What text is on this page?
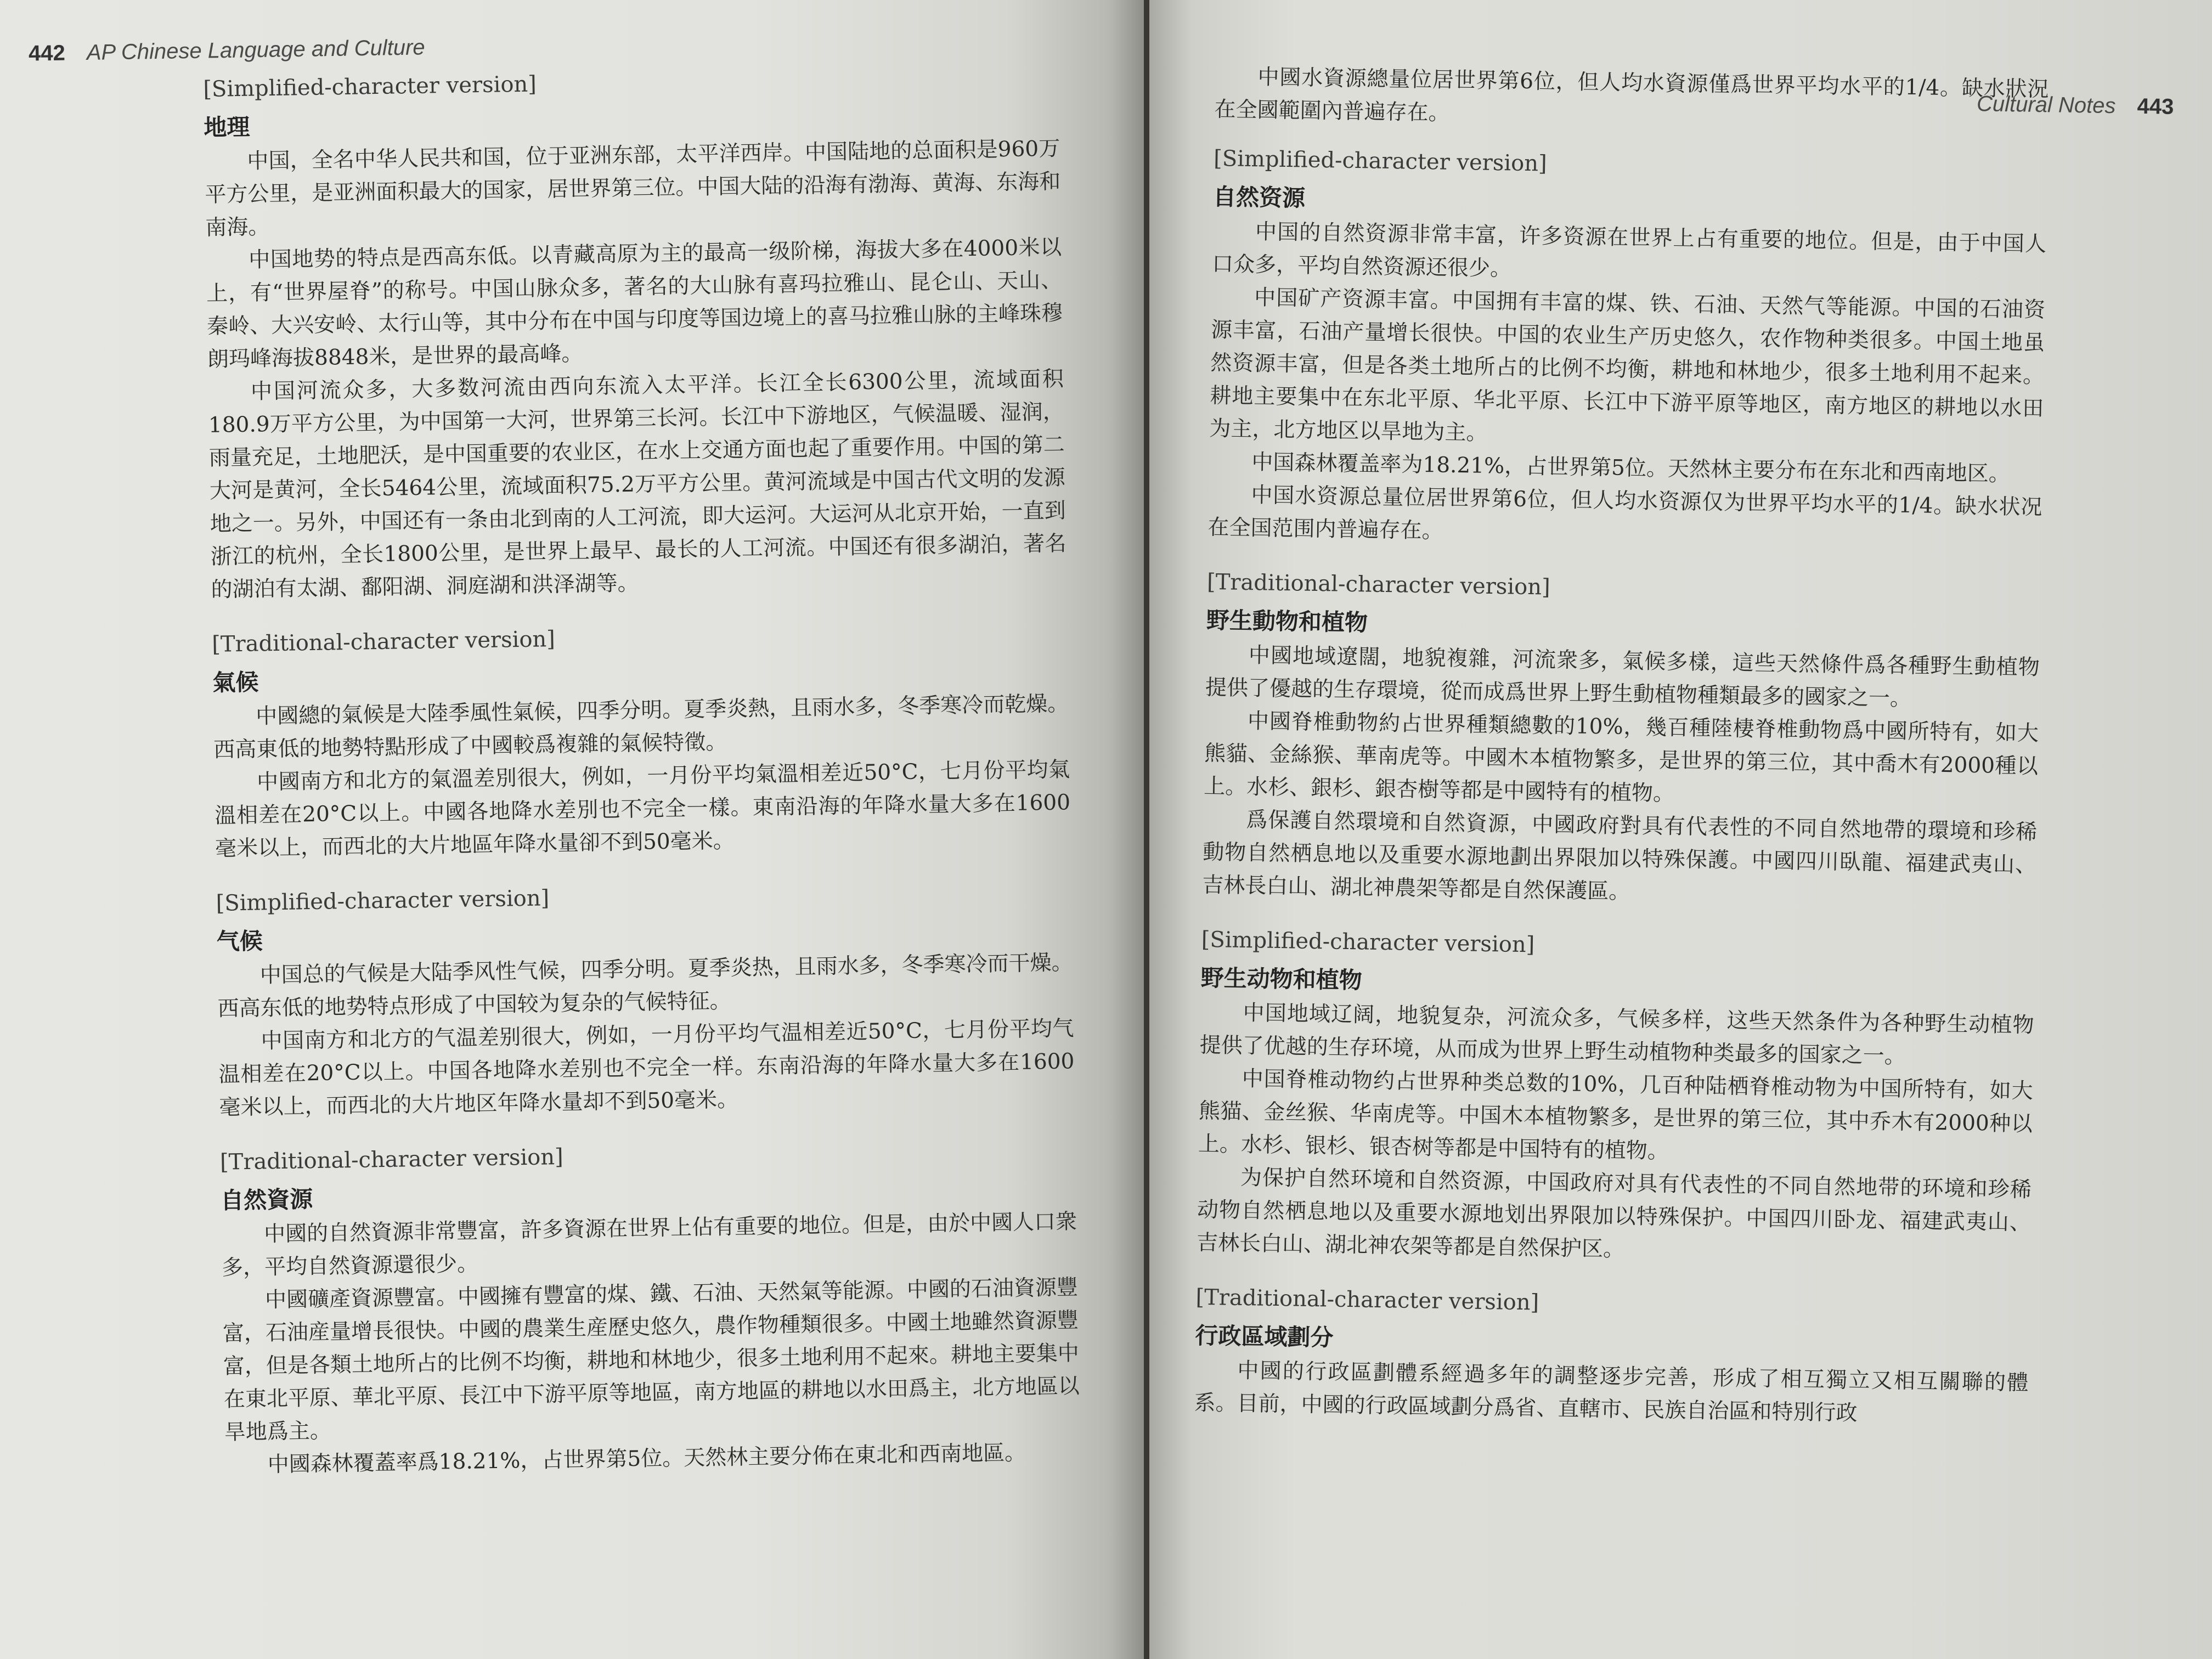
442 AP Chinese Language and Culture
[Simplified-character version]
地理

中国，全名中华人民共和国，位于亚洲东部，太平洋西岸。中国陆地的总面积是960万平方公里，是亚洲面积最大的国家，居世界第三位。中国大陆的沿海有渤海、黄海、东海和南海。

中国地势的特点是西高东低。以青藏高原为主的最高一级阶梯，海拔大多在4000米以上，有“世界屋脊”的称号。中国山脉众多，著名的大山脉有喜玛拉雅山、昆仑山、天山、秦岭、大兴安岭、太行山等，其中分布在中国与印度等国边境上的喜马拉雅山脉的主峰珠穆朗玛峰海拔8848米，是世界的最高峰。

中国河流众多，大多数河流由西向东流入太平洋。长江全长6300公里，流域面积180.9万平方公里，为中国第一大河，世界第三长河。长江中下游地区，气候温暖、湿润，雨量充足，土地肥沃，是中国重要的农业区，在水上交通方面也起了重要作用。中国的第二大河是黄河，全长5464公里，流域面积75.2万平方公里。黄河流域是中国古代文明的发源地之一。另外，中国还有一条由北到南的人工河流，即大运河。大运河从北京开始，一直到浙江的杭州，全长1800公里，是世界上最早、最长的人工河流。中国还有很多湖泊，著名的湖泊有太湖、鄱阳湖、洞庭湖和洪泽湖等。

[Traditional-character version]
氣候

中國總的氣候是大陸季風性氣候，四季分明。夏季炎熱，且雨水多，冬季寒冷而乾燥。西高東低的地勢特點形成了中國較爲複雜的氣候特徵。

中國南方和北方的氣溫差別很大，例如，一月份平均氣溫相差近50°C，七月份平均氣溫相差在20°C以上。中國各地降水差別也不完全一樣。東南沿海的年降水量大多在1600毫米以上，而西北的大片地區年降水量卻不到50毫米。

[Simplified-character version]
气候

中国总的气候是大陆季风性气候，四季分明。夏季炎热，且雨水多，冬季寒冷而干燥。西高东低的地势特点形成了中国较为复杂的气候特征。

中国南方和北方的气温差别很大，例如，一月份平均气温相差近50°C，七月份平均气温相差在20°C以上。中国各地降水差别也不完全一样。东南沿海的年降水量大多在1600毫米以上，而西北的大片地区年降水量却不到50毫米。

[Traditional-character version]
自然資源

中國的自然資源非常豐富，許多資源在世界上佔有重要的地位。但是，由於中國人口衆多，平均自然資源還很少。

中國礦產資源豐富。中國擁有豐富的煤、鐵、石油、天然氣等能源。中國的石油資源豐富，石油産量增長很快。中國的農業生産歷史悠久，農作物種類很多。中國土地雖然資源豐富，但是各類土地所占的比例不均衡，耕地和林地少，很多土地利用不起來。耕地主要集中在東北平原、華北平原、長江中下游平原等地區，南方地區的耕地以水田爲主，北方地區以旱地爲主。

中國森林覆蓋率爲18.21%，占世界第5位。天然林主要分佈在東北和西南地區。

Cultural Notes 443

中國水資源總量位居世界第6位，但人均水資源僅爲世界平均水平的1/4。缺水狀況在全國範圍內普遍存在。

[Simplified-character version]
自然资源

中国的自然资源非常丰富，许多资源在世界上占有重要的地位。但是，由于中国人口众多，平均自然资源还很少。

中国矿产资源丰富。中国拥有丰富的煤、铁、石油、天然气等能源。中国的石油资源丰富，石油产量增长很快。中国的农业生产历史悠久，农作物种类很多。中国土地虽然资源丰富，但是各类土地所占的比例不均衡，耕地和林地少，很多土地利用不起来。耕地主要集中在东北平原、华北平原、长江中下游平原等地区，南方地区的耕地以水田为主，北方地区以旱地为主。

中国森林覆盖率为18.21%，占世界第5位。天然林主要分布在东北和西南地区。

中国水资源总量位居世界第6位，但人均水资源仅为世界平均水平的1/4。缺水状况在全国范围内普遍存在。

[Traditional-character version]
野生動物和植物

中國地域遼闊，地貌複雜，河流衆多，氣候多樣，這些天然條件爲各種野生動植物提供了優越的生存環境，從而成爲世界上野生動植物種類最多的國家之一。

中國脊椎動物約占世界種類總數的10%，幾百種陸棲脊椎動物爲中國所特有，如大熊貓、金絲猴、華南虎等。中國木本植物繁多，是世界的第三位，其中喬木有2000種以上。水杉、銀杉、銀杏樹等都是中國特有的植物。

爲保護自然環境和自然資源，中國政府對具有代表性的不同自然地帶的環境和珍稀動物自然栖息地以及重要水源地劃出界限加以特殊保護。中國四川臥龍、福建武夷山、吉林長白山、湖北神農架等都是自然保護區。

[Simplified-character version]
野生动物和植物

中国地域辽阔，地貌复杂，河流众多，气候多样，这些天然条件为各种野生动植物提供了优越的生存环境，从而成为世界上野生动植物种类最多的国家之一。

中国脊椎动物约占世界种类总数的10%，几百种陆栖脊椎动物为中国所特有，如大熊猫、金丝猴、华南虎等。中国木本植物繁多，是世界的第三位，其中乔木有2000种以上。水杉、银杉、银杏树等都是中国特有的植物。

为保护自然环境和自然资源，中国政府对具有代表性的不同自然地带的环境和珍稀动物自然栖息地以及重要水源地划出界限加以特殊保护。中国四川卧龙、福建武夷山、吉林长白山、湖北神农架等都是自然保护区。

[Traditional-character version]
行政區域劃分

中國的行政區劃體系經過多年的調整逐步完善，形成了相互獨立又相互關聯的體系。目前，中國的行政區域劃分爲省、直轄市、民族自治區和特別行政
